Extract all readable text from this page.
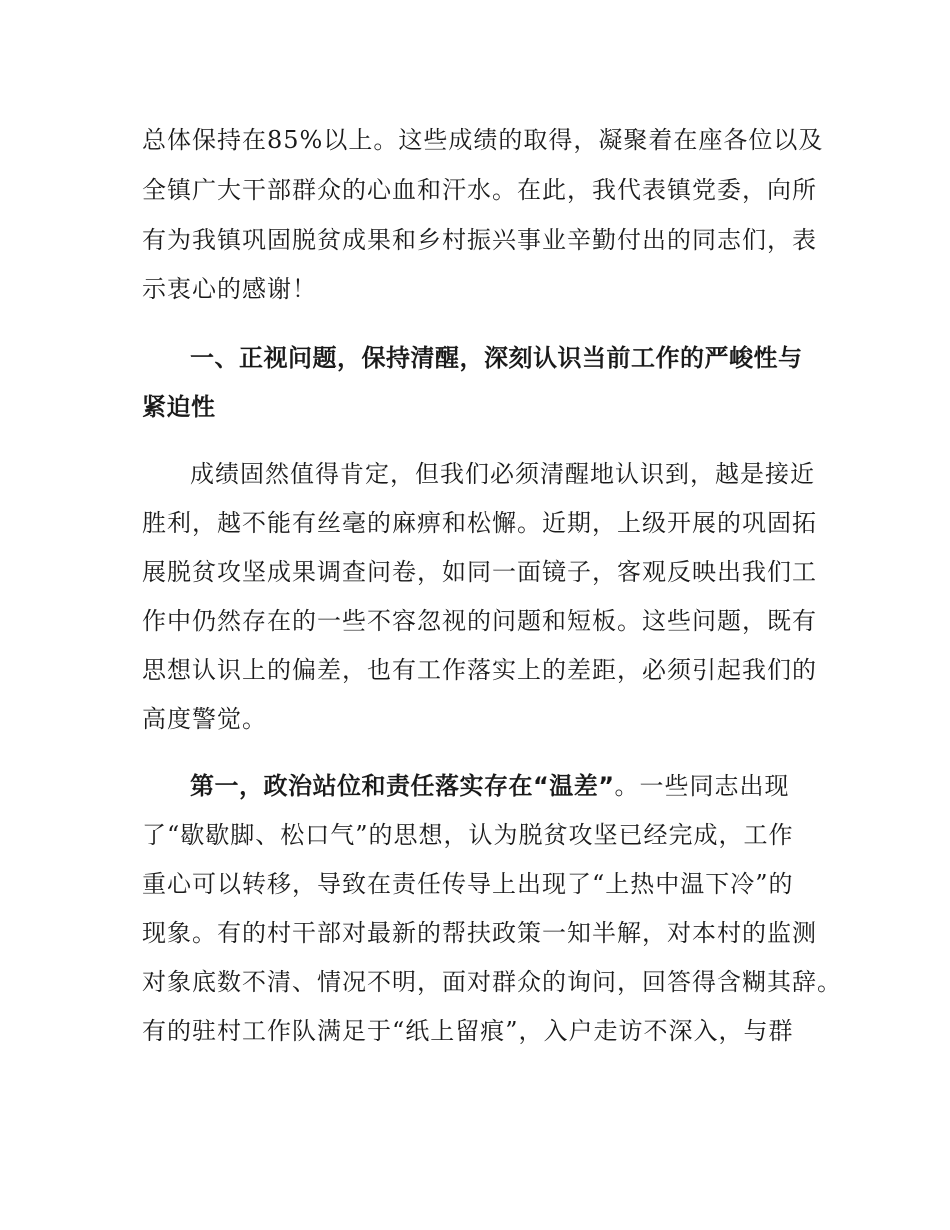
总体保持在85%以上。这些成绩的取得，凝聚着在座各位以及
全镇广大干部群众的心血和汗水。在此，我代表镇党委，向所
有为我镇巩固脱贫成果和乡村振兴事业辛勤付出的同志们，表
示衷心的感谢！
一、正视问题，保持清醒，深刻认识当前工作的严峻性与
紧迫性
成绩固然值得肯定，但我们必须清醒地认识到，越是接近
胜利，越不能有丝毫的麻痹和松懈。近期，上级开展的巩固拓
展脱贫攻坚成果调查问卷，如同一面镜子，客观反映出我们工
作中仍然存在的一些不容忽视的问题和短板。这些问题，既有
思想认识上的偏差，也有工作落实上的差距，必须引起我们的
高度警觉。
第一，政治站位和责任落实存在“温差”。一些同志出现
了“歇歇脚、松口气”的思想，认为脱贫攻坚已经完成，工作
重心可以转移，导致在责任传导上出现了“上热中温下冷”的
现象。有的村干部对最新的帮扶政策一知半解，对本村的监测
对象底数不清、情况不明，面对群众的询问，回答得含糊其辞。
有的驻村工作队满足于“纸上留痕”，入户走访不深入，与群
